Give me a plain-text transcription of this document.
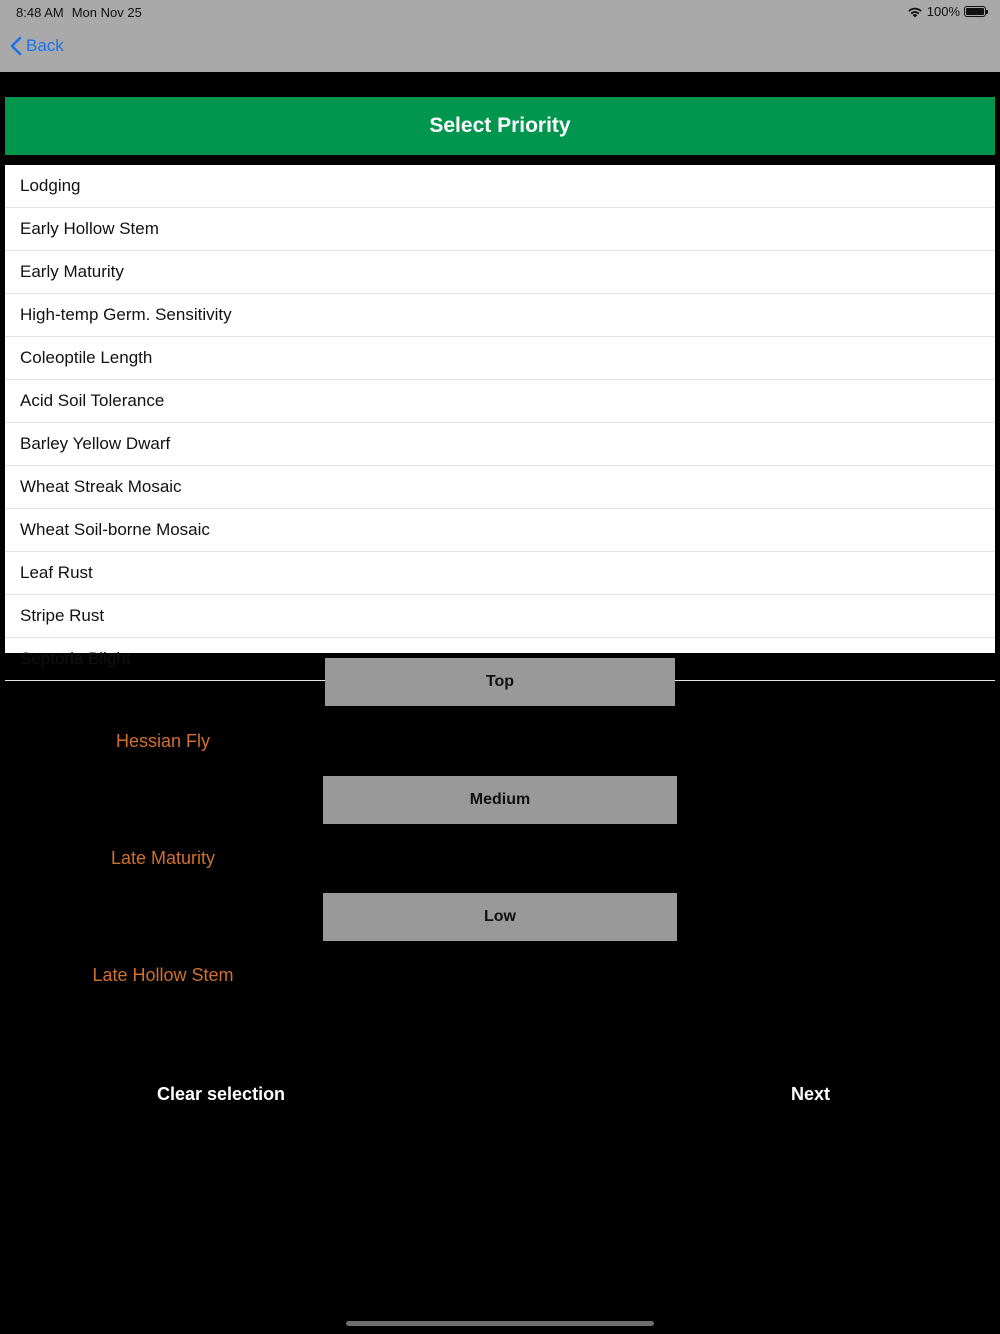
8:48 AM Mon Nov 25	100%
Back
Select Priority
Lodging
Early Hollow Stem
Early Maturity
High-temp Germ. Sensitivity
Coleoptile Length
Acid Soil Tolerance
Barley Yellow Dwarf
Wheat Streak Mosaic
Wheat Soil-borne Mosaic
Leaf Rust
Stripe Rust
Septoria Blight
Top
Hessian Fly
Medium
Late Maturity
Low
Late Hollow Stem
Clear selection	Next
